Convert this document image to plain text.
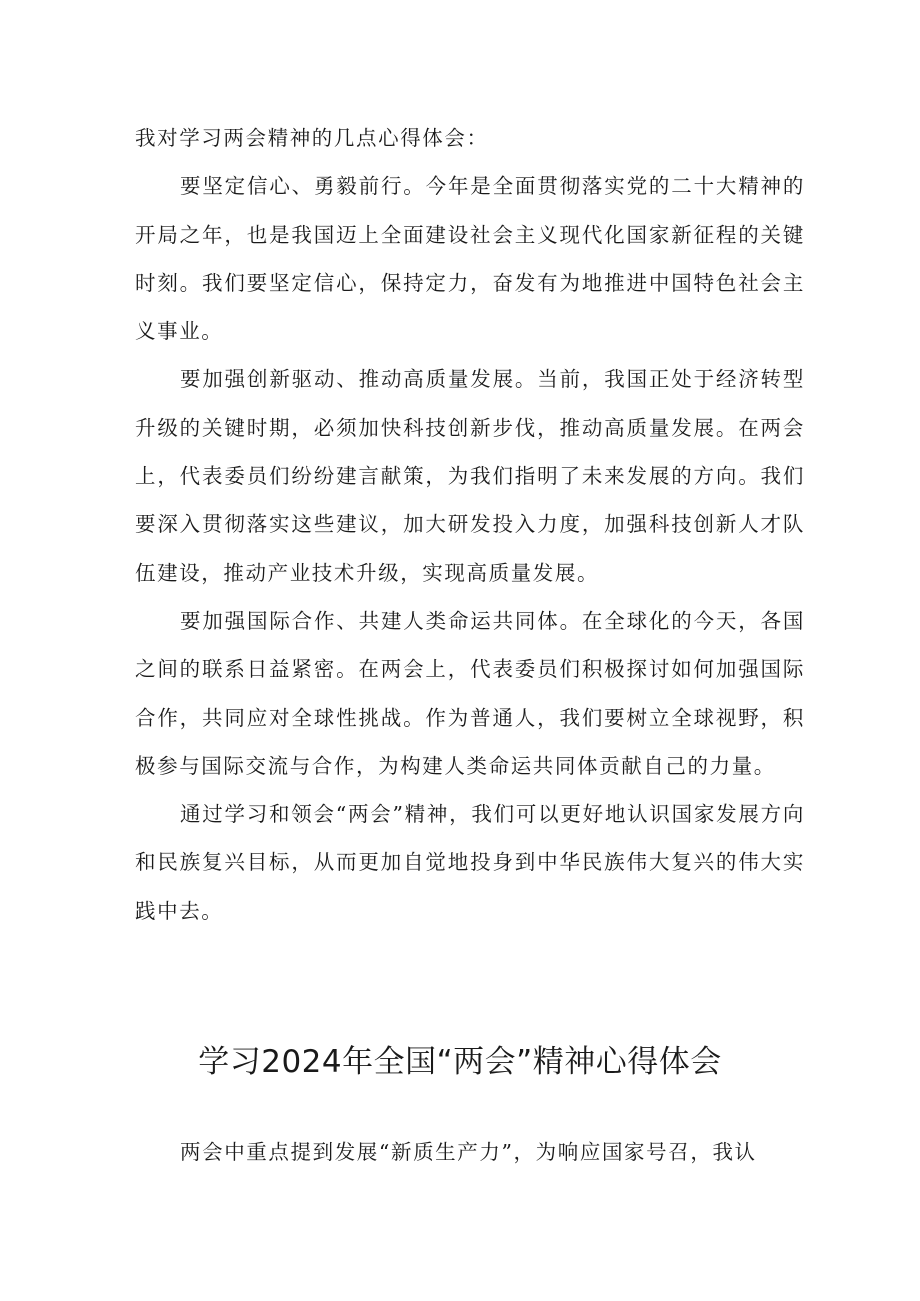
我对学习两会精神的几点心得体会：

要坚定信心、勇毅前行。今年是全面贯彻落实党的二十大精神的开局之年，也是我国迈上全面建设社会主义现代化国家新征程的关键时刻。我们要坚定信心，保持定力，奋发有为地推进中国特色社会主义事业。

要加强创新驱动、推动高质量发展。当前，我国正处于经济转型升级的关键时期，必须加快科技创新步伐，推动高质量发展。在两会上，代表委员们纷纷建言献策，为我们指明了未来发展的方向。我们要深入贯彻落实这些建议，加大研发投入力度，加强科技创新人才队伍建设，推动产业技术升级，实现高质量发展。

要加强国际合作、共建人类命运共同体。在全球化的今天，各国之间的联系日益紧密。在两会上，代表委员们积极探讨如何加强国际合作，共同应对全球性挑战。作为普通人，我们要树立全球视野，积极参与国际交流与合作，为构建人类命运共同体贡献自己的力量。

通过学习和领会“两会”精神，我们可以更好地认识国家发展方向和民族复兴目标，从而更加自觉地投身到中华民族伟大复兴的伟大实践中去。

学习2024年全国“两会”精神心得体会

两会中重点提到发展“新质生产力”，为响应国家号召，我认
